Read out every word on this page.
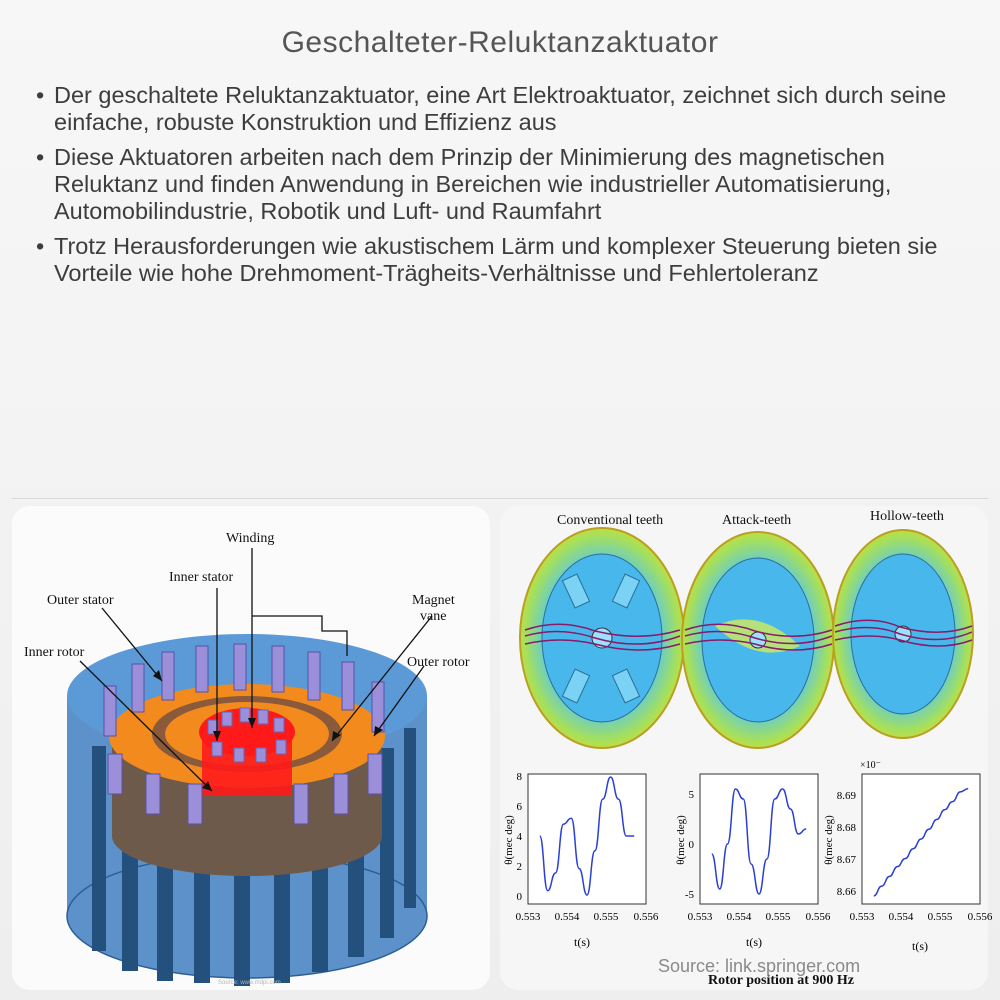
Geschalteter-Reluktanzaktuator
• Der geschaltete Reluktanzaktuator, eine Art Elektroaktuator, zeichnet sich durch seine einfache, robuste Konstruktion und Effizienz aus
• Diese Aktuatoren arbeiten nach dem Prinzip der Minimierung des magnetischen Reluktanz und finden Anwendung in Bereichen wie industrieller Automatisierung, Automobilindustrie, Robotik und Luft- und Raumfahrt
• Trotz Herausforderungen wie akustischem Lärm und komplexer Steuerung bieten sie Vorteile wie hohe Drehmoment-Trägheits-Verhältnisse und Fehlertoleranz
Winding
Inner stator
Outer stator	Magnet
vane
Inner rotor
Outer rotor
Source: www.mdpi.com
Conventional teeth	Attack-teeth	Hollow-teeth
0.553 0.554 0.555 0.556
0
2
4
6
8
t(s)
θ(mec deg)
0.553 0.554 0.555 0.556
-5
0
5
t(s)
θ(mec deg)
0.553 0.554 0.555 0.556
8.66
8.67
8.68
8.69
×10⁻
t(s)
θ(mec deg)
Rotor position at 900 Hz
Source: link.springer.com
